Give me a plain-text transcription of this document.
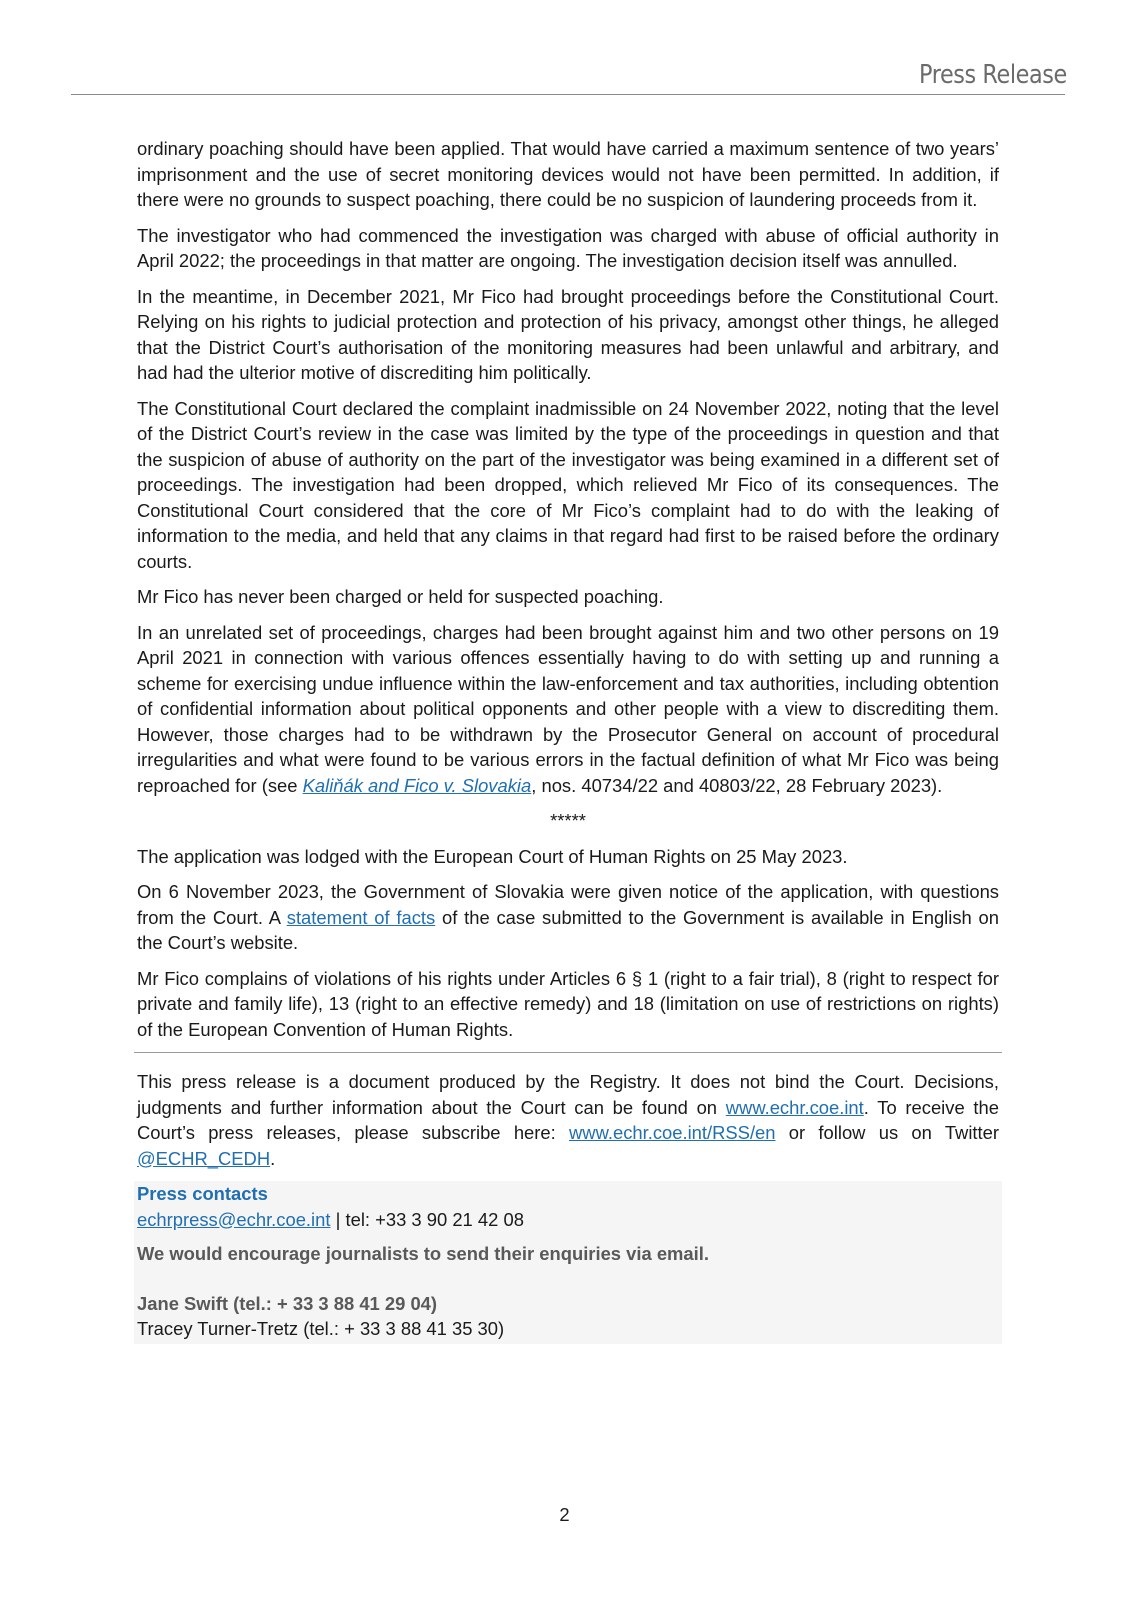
Press Release

ordinary poaching should have been applied. That would have carried a maximum sentence of two years’ imprisonment and the use of secret monitoring devices would not have been permitted. In addition, if there were no grounds to suspect poaching, there could be no suspicion of laundering proceeds from it.

The investigator who had commenced the investigation was charged with abuse of official authority in April 2022; the proceedings in that matter are ongoing. The investigation decision itself was annulled.

In the meantime, in December 2021, Mr Fico had brought proceedings before the Constitutional Court. Relying on his rights to judicial protection and protection of his privacy, amongst other things, he alleged that the District Court’s authorisation of the monitoring measures had been unlawful and arbitrary, and had had the ulterior motive of discrediting him politically.

The Constitutional Court declared the complaint inadmissible on 24 November 2022, noting that the level of the District Court’s review in the case was limited by the type of the proceedings in question and that the suspicion of abuse of authority on the part of the investigator was being examined in a different set of proceedings. The investigation had been dropped, which relieved Mr Fico of its consequences. The Constitutional Court considered that the core of Mr Fico’s complaint had to do with the leaking of information to the media, and held that any claims in that regard had first to be raised before the ordinary courts.

Mr Fico has never been charged or held for suspected poaching.

In an unrelated set of proceedings, charges had been brought against him and two other persons on 19 April 2021 in connection with various offences essentially having to do with setting up and running a scheme for exercising undue influence within the law-enforcement and tax authorities, including obtention of confidential information about political opponents and other people with a view to discrediting them. However, those charges had to be withdrawn by the Prosecutor General on account of procedural irregularities and what were found to be various errors in the factual definition of what Mr Fico was being reproached for (see Kaliňák and Fico v. Slovakia, nos. 40734/22 and 40803/22, 28 February 2023).

*****

The application was lodged with the European Court of Human Rights on 25 May 2023.

On 6 November 2023, the Government of Slovakia were given notice of the application, with questions from the Court. A statement of facts of the case submitted to the Government is available in English on the Court’s website.

Mr Fico complains of violations of his rights under Articles 6 § 1 (right to a fair trial), 8 (right to respect for private and family life), 13 (right to an effective remedy) and 18 (limitation on use of restrictions on rights) of the European Convention of Human Rights.

This press release is a document produced by the Registry. It does not bind the Court. Decisions, judgments and further information about the Court can be found on www.echr.coe.int. To receive the Court’s press releases, please subscribe here: www.echr.coe.int/RSS/en or follow us on Twitter @ECHR_CEDH.

Press contacts
echrpress@echr.coe.int | tel: +33 3 90 21 42 08
We would encourage journalists to send their enquiries via email.
Jane Swift (tel.: + 33 3 88 41 29 04)
Tracey Turner-Tretz (tel.: + 33 3 88 41 35 30)
2
